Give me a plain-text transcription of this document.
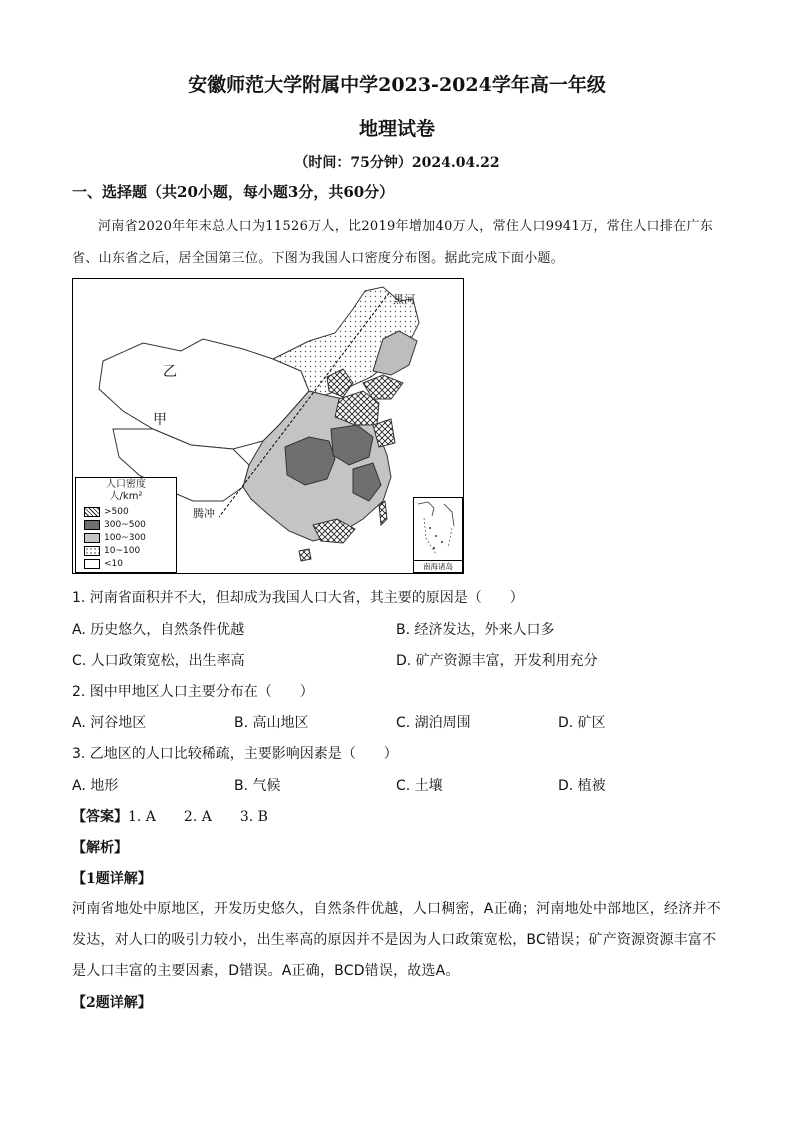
安徽师范大学附属中学2023-2024学年高一年级
地理试卷
（时间：75分钟）2024.04.22
一、选择题（共20小题，每小题3分，共60分）
河南省2020年年末总人口为11526万人，比2019年增加40万人，常住人口9941万，常住人口排在广东省、山东省之后，居全国第三位。下图为我国人口密度分布图。据此完成下面小题。
黑河
腾冲
乙
甲
人口密度
人/km²
>500
300~500
100~300
10~100
<10	南海诸岛
1. 河南省面积并不大，但却成为我国人口大省，其主要的原因是（　　）
A. 历史悠久，自然条件优越	B. 经济发达，外来人口多
C. 人口政策宽松，出生率高	D. 矿产资源丰富，开发利用充分
2. 图中甲地区人口主要分布在（　　）
A. 河谷地区	B. 高山地区	C. 湖泊周围	D. 矿区
3. 乙地区的人口比较稀疏，主要影响因素是（　　）
A. 地形	B. 气候	C. 土壤	D. 植被
【答案】1. A　　2. A　　3. B
【解析】
【1题详解】
河南省地处中原地区，开发历史悠久，自然条件优越，人口稠密，A正确；河南地处中部地区，经济并不发达，对人口的吸引力较小，出生率高的原因并不是因为人口政策宽松，BC错误；矿产资源资源丰富不是人口丰富的主要因素，D错误。A正确，BCD错误，故选A。
【2题详解】
